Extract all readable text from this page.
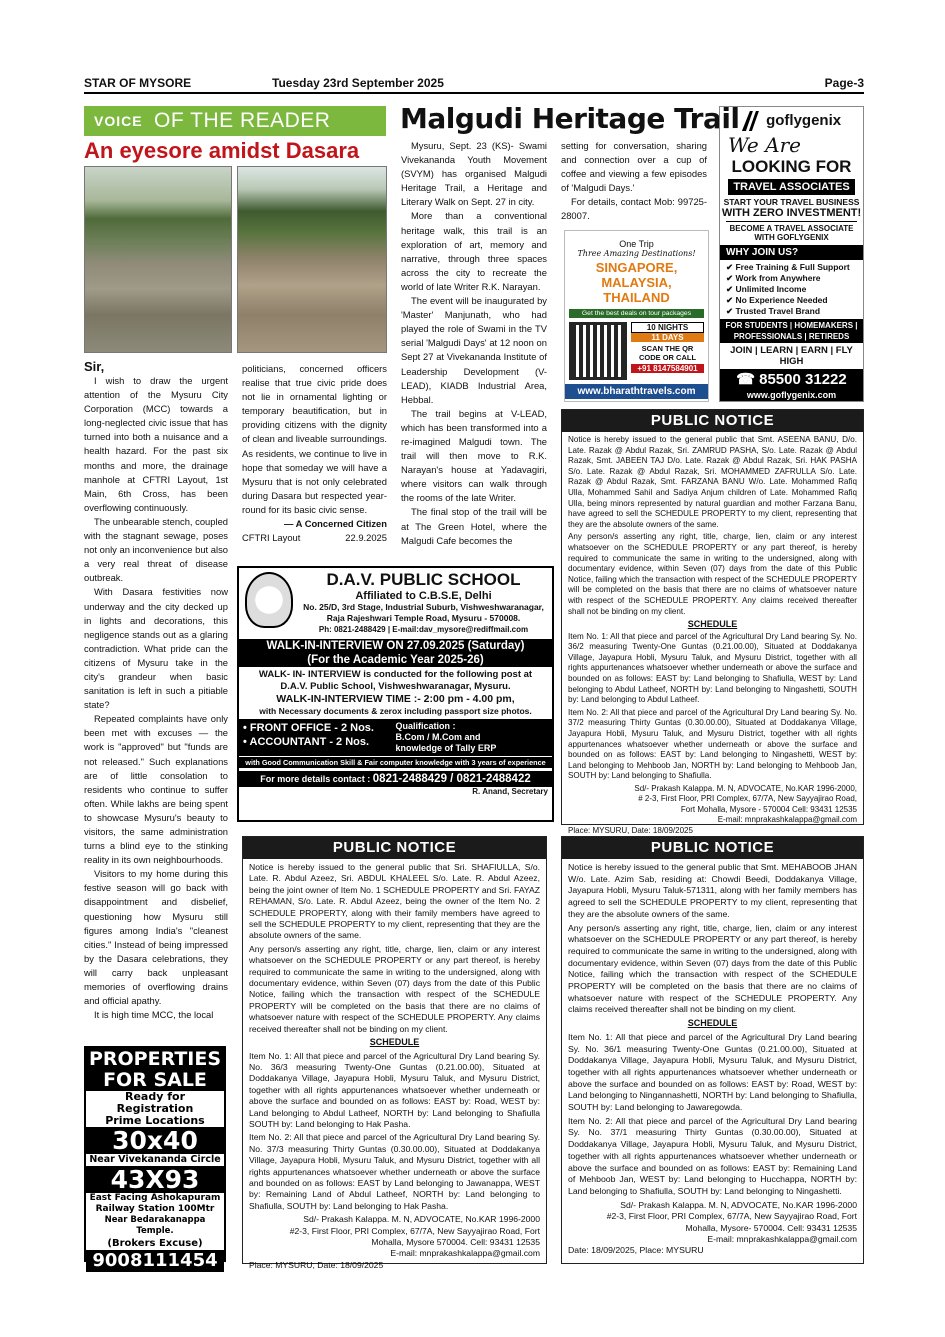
STAR OF MYSORE	Tuesday 23rd September 2025	Page-3
VOICE OF THE READER
An eyesore amidst Dasara

Sir,

I wish to draw the urgent attention of the Mysuru City Corporation (MCC) towards a long-neglected civic issue that has turned into both a nuisance and a health hazard. For the past six months and more, the drainage manhole at CFTRI Layout, 1st Main, 6th Cross, has been overflowing continuously.

The unbearable stench, coupled with the stagnant sewage, poses not only an inconvenience but also a very real threat of disease outbreak.

With Dasara festivities now underway and the city decked up in lights and decorations, this negligence stands out as a glaring contradiction. What pride can the citizens of Mysuru take in the city's grandeur when basic sanitation is left in such a pitiable state?

Repeated complaints have only been met with excuses — the work is "approved" but "funds are not released." Such explanations are of little consolation to residents who continue to suffer often. While lakhs are being spent to showcase Mysuru's beauty to visitors, the same administration turns a blind eye to the stinking reality in its own neighbourhoods.

Visitors to my home during this festive season will go back with disappointment and disbelief, questioning how Mysuru still figures among India's "cleanest cities." Instead of being impressed by the Dasara celebrations, they will carry back unpleasant memories of overflowing drains and official apathy.

It is high time MCC, the local

politicians, concerned officers realise that true civic pride does not lie in ornamental lighting or temporary beautification, but in providing citizens with the dignity of clean and liveable surroundings. As residents, we continue to live in hope that someday we will have a Mysuru that is not only celebrated during Dasara but respected year-round for its basic civic sense.

— A Concerned Citizen

CFTRI Layout	22.9.2025
Malgudi Heritage Trail

Mysuru, Sept. 23 (KS)- Swami Vivekananda Youth Movement (SVYM) has organised Malgudi Heritage Trail, a Heritage and Literary Walk on Sept. 27 in city.

More than a conventional heritage walk, this trail is an exploration of art, memory and narrative, through three spaces across the city to recreate the world of late Writer R.K. Narayan.

The event will be inaugurated by 'Master' Manjunath, who had played the role of Swami in the TV serial 'Malgudi Days' at 12 noon on Sept 27 at Vivekananda Institute of Leadership Development (V-LEAD), KIADB Industrial Area, Hebbal.

The trail begins at V-LEAD, which has been transformed into a re-imagined Malgudi town. The trail will then move to R.K. Narayan's house at Yadavagiri, where visitors can walk through the rooms of the late Writer.

The final stop of the trail will be at The Green Hotel, where the Malgudi Cafe becomes the

setting for conversation, sharing and connection over a cup of coffee and viewing a few episodes of 'Malgudi Days.'

For details, contact Mob: 99725-28007.

goflygenix
We Are
LOOKING FOR
TRAVEL ASSOCIATES
START YOUR TRAVEL BUSINESS
WITH ZERO INVESTMENT!
BECOME A TRAVEL ASSOCIATE WITH GOFLYGENIX
WHY JOIN US?
✔ Free Training & Full Support
✔ Work from Anywhere
✔ Unlimited Income
✔ No Experience Needed
✔ Trusted Travel Brand
FOR STUDENTS | HOMEMAKERS | PROFESSIONALS | RETIREDS
JOIN | LEARN | EARN | FLY HIGH
☎ 85500 31222
www.goflygenix.com
One Trip
Three Amazing Destinations!
SINGAPORE, MALAYSIA, THAILAND
Get the best deals on tour packages
10 NIGHTS
11 DAYS
SCAN THE QR CODE OR CALL
+91 8147584901
www.bharathtravels.com
PUBLIC NOTICE

Notice is hereby issued to the general public that Smt. ASEENA BANU, D/o. Late. Razak @ Abdul Razak, Sri. ZAMRUD PASHA, S/o. Late. Razak @ Abdul Razak, Smt. JABEEN TAJ D/o. Late. Razak @ Abdul Razak, Sri. HAK PASHA S/o. Late. Razak @ Abdul Razak, Sri. MOHAMMED ZAFRULLA S/o. Late. Razak @ Abdul Razak, Smt. FARZANA BANU W/o. Late. Mohammed Rafiq Ulla, Mohammed Sahil and Sadiya Anjum children of Late. Mohammed Rafiq Ulla, being minors represented by natural guardian and mother Farzana Banu, have agreed to sell the SCHEDULE PROPERTY to my client, representing that they are the absolute owners of the same.

Any person/s asserting any right, title, charge, lien, claim or any interest whatsoever on the SCHEDULE PROPERTY or any part thereof, is hereby required to communicate the same in writing to the undersigned, along with documentary evidence, within Seven (07) days from the date of this Public Notice, failing which the transaction with respect of the SCHEDULE PROPERTY will be completed on the basis that there are no claims of whatsoever nature with respect of the SCHEDULE PROPERTY. Any claims received thereafter shall not be binding on my client.

SCHEDULE

Item No. 1: All that piece and parcel of the Agricultural Dry Land bearing Sy. No. 36/2 measuring Twenty-One Guntas (0.21.00.00), Situated at Doddakanya Village, Jayapura Hobli, Mysuru Taluk, and Mysuru District, together with all rights appurtenances whatsoever whether underneath or above the surface and bounded on as follows: EAST by: Land belonging to Shafiulla, WEST by: Land belonging to Abdul Latheef, NORTH by: Land belonging to Ningashetti, SOUTH by: Land belonging to Abdul Latheef.

Item No. 2: All that piece and parcel of the Agricultural Dry Land bearing Sy. No. 37/2 measuring Thirty Guntas (0.30.00.00), Situated at Doddakanya Village, Jayapura Hobli, Mysuru Taluk, and Mysuru District, together with all rights appurtenances whatsoever whether underneath or above the surface and bounded on as follows: EAST by: Land belonging to Ningashetti, WEST by: Land belonging to Mehboob Jan, NORTH by: Land belonging to Mehboob Jan, SOUTH by: Land belonging to Shafiulla.

Sd/- Prakash Kalappa. M. N, ADVOCATE, No.KAR 1996-2000,
# 2-3, First Floor, PRI Complex, 67/7A, New Sayyajirao Road,
Fort Mohalla, Mysore - 570004 Cell: 93431 12535
E-mail: mnprakashkalappa@gmail.com
Place: MYSURU, Date: 18/09/2025
D.A.V. PUBLIC SCHOOL
Affiliated to C.B.S.E, Delhi
No. 25/D, 3rd Stage, Industrial Suburb, Vishweshwaranagar,
Raja Rajeshwari Temple Road, Mysuru - 570008.
Ph: 0821-2488429 | E-mail:dav_mysore@rediffmail.com
WALK-IN-INTERVIEW ON 27.09.2025 (Saturday)
(For the Academic Year 2025-26)
WALK- IN- INTERVIEW is conducted for the following post at
D.A.V. Public School, Vishweshwaranagar, Mysuru.
WALK-IN-INTERVIEW TIME :- 2:00 pm - 4.00 pm,
with Necessary documents & zerox including passport size photos.
• FRONT OFFICE - 2 Nos.
• ACCOUNTANT - 2 Nos.
Qualification :
B.Com / M.Com and
knowledge of Tally ERP
with Good Communication Skill & Fair computer knowledge with 3 years of experience
For more details contact : 0821-2488429 / 0821-2488422
R. Anand, Secretary
PUBLIC NOTICE

Notice is hereby issued to the general public that Sri. SHAFIULLA, S/o. Late. R. Abdul Azeez, Sri. ABDUL KHALEEL S/o. Late. R. Abdul Azeez, being the joint owner of Item No. 1 SCHEDULE PROPERTY and Sri. FAYAZ REHAMAN, S/o. Late. R. Abdul Azeez, being the owner of the Item No. 2 SCHEDULE PROPERTY, along with their family members have agreed to sell the SCHEDULE PROPERTY to my client, representing that they are the absolute owners of the same.

Any person/s asserting any right, title, charge, lien, claim or any interest whatsoever on the SCHEDULE PROPERTY or any part thereof, is hereby required to communicate the same in writing to the undersigned, along with documentary evidence, within Seven (07) days from the date of this Public Notice, failing which the transaction with respect of the SCHEDULE PROPERTY will be completed on the basis that there are no claims of whatsoever nature with respect of the SCHEDULE PROPERTY. Any claims received thereafter shall not be binding on my client.

SCHEDULE

Item No. 1: All that piece and parcel of the Agricultural Dry Land bearing Sy. No. 36/3 measuring Twenty-One Guntas (0.21.00.00), Situated at Doddakanya Village, Jayapura Hobli, Mysuru Taluk, and Mysuru District, together with all rights appurtenances whatsoever whether underneath or above the surface and bounded on as follows: EAST by: Road, WEST by: Land belonging to Abdul Latheef, NORTH by: Land belonging to Shafiulla SOUTH by: Land belonging to Hak Pasha.

Item No. 2: All that piece and parcel of the Agricultural Dry Land bearing Sy. No. 37/3 measuring Thirty Guntas (0.30.00.00), Situated at Doddakanya Village, Jayapura Hobli, Mysuru Taluk, and Mysuru District, together with all rights appurtenances whatsoever whether underneath or above the surface and bounded on as follows: EAST by Land belonging to Jawanappa, WEST by: Remaining Land of Abdul Latheef, NORTH by: Land belonging to Shafiulla, SOUTH by: Land belonging to Hak Pasha.

Sd/- Prakash Kalappa. M. N, ADVOCATE, No.KAR 1996-2000
#2-3, First Floor, PRI Complex, 67/7A, New Sayyajirao Road, Fort
Mohalla, Mysore 570004. Cell: 93431 12535
E-mail: mnprakashkalappa@gmail.com
Place: MYSURU, Date: 18/09/2025
PUBLIC NOTICE

Notice is hereby issued to the general public that Smt. MEHABOOB JHAN W/o. Late. Azim Sab, residing at: Chowdi Beedi, Doddakanya Village, Jayapura Hobli, Mysuru Taluk-571311, along with her family members has agreed to sell the SCHEDULE PROPERTY to my client, representing that they are the absolute owners of the same.

Any person/s asserting any right, title, charge, lien, claim or any interest whatsoever on the SCHEDULE PROPERTY or any part thereof, is hereby required to communicate the same in writing to the undersigned, along with documentary evidence, within Seven (07) days from the date of this Public Notice, failing which the transaction with respect of the SCHEDULE PROPERTY will be completed on the basis that there are no claims of whatsoever nature with respect of the SCHEDULE PROPERTY. Any claims received thereafter shall not be binding on my client.

SCHEDULE

Item No. 1: All that piece and parcel of the Agricultural Dry Land bearing Sy. No. 36/1 measuring Twenty-One Guntas (0.21.00.00), Situated at Doddakanya Village, Jayapura Hobli, Mysuru Taluk, and Mysuru District, together with all rights appurtenances whatsoever whether underneath or above the surface and bounded on as follows: EAST by: Road, WEST by: Land belonging to Ningannashetti, NORTH by: Land belonging to Shafiulla, SOUTH by: Land belonging to Jawaregowda.

Item No. 2: All that piece and parcel of the Agricultural Dry Land bearing Sy. No. 37/1 measuring Thirty Guntas (0.30.00.00), Situated at Doddakanya Village, Jayapura Hobli, Mysuru Taluk, and Mysuru District, together with all rights appurtenances whatsoever whether underneath or above the surface and bounded on as follows: EAST by: Remaining Land of Mehboob Jan, WEST by: Land belonging to Hucchappa, NORTH by: Land belonging to Shafiulla, SOUTH by: Land belonging to Ningashetti.

Sd/- Prakash Kalappa. M. N, ADVOCATE, No.KAR 1996-2000
#2-3, First Floor, PRI Complex, 67/7A, New Sayyajirao Road, Fort
Mohalla, Mysore- 570004. Cell: 93431 12535
E-mail: mnprakashkalappa@gmail.com
Date: 18/09/2025, Place: MYSURU
PROPERTIES
FOR SALE
Ready for Registration
Prime Locations
30x40
Near Vivekananda Circle
43X93
East Facing Ashokapuram
Railway Station 100Mtr
Near Bedarakanappa Temple.
(Brokers Excuse)
9008111454
